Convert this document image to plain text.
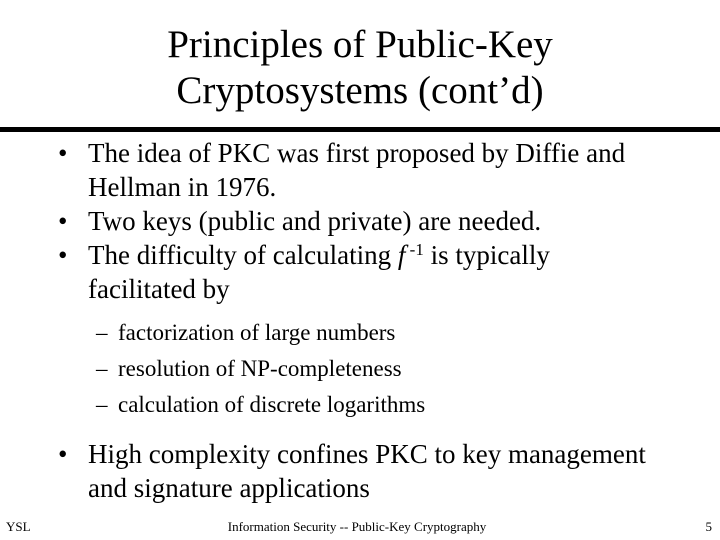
Principles of Public-Key
Cryptosystems (cont’d)
• The idea of PKC was first proposed by Diffie and Hellman in 1976.
• Two keys (public and private) are needed.
• The difficulty of calculating f $^{-1}$ is typically facilitated by
– factorization of large numbers
– resolution of NP-completeness
– calculation of discrete logarithms
• High complexity confines PKC to key management and signature applications
YSL	Information Security -- Public-Key Cryptography	5
